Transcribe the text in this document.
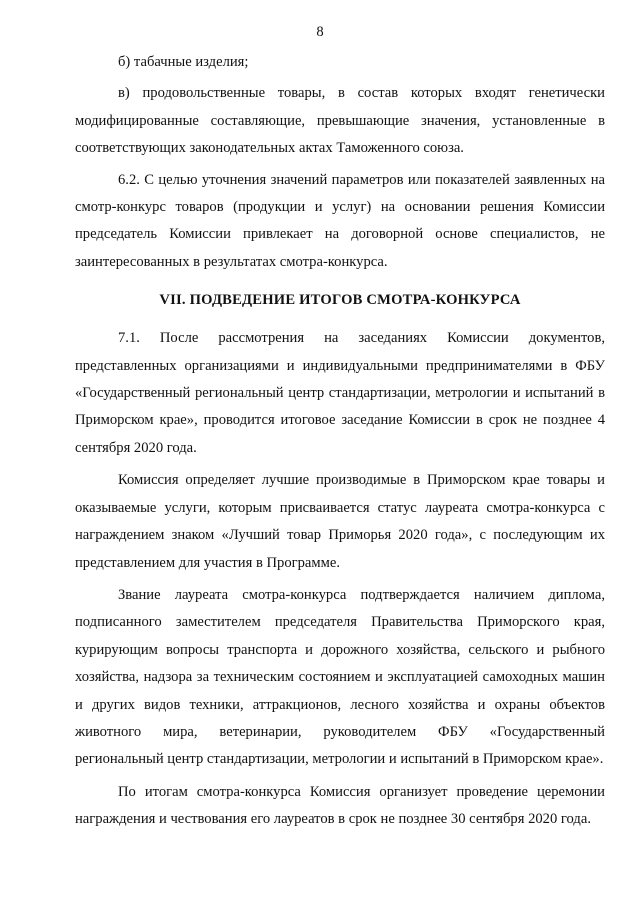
8

б) табачные изделия;

в) продовольственные товары, в состав которых входят генетически модифицированные составляющие, превышающие значения, установленные в соответствующих законодательных актах Таможенного союза.

6.2. С целью уточнения значений параметров или показателей заявленных на смотр-конкурс товаров (продукции и услуг) на основании решения Комиссии председатель Комиссии привлекает на договорной основе специалистов, не заинтересованных в результатах смотра-конкурса.

VII. ПОДВЕДЕНИЕ ИТОГОВ СМОТРА-КОНКУРСА

7.1. После рассмотрения на заседаниях Комиссии документов, представленных организациями и индивидуальными предпринимателями в ФБУ «Государственный региональный центр стандартизации, метрологии и испытаний в Приморском крае», проводится итоговое заседание Комиссии в срок не позднее 4 сентября 2020 года.

Комиссия определяет лучшие производимые в Приморском крае товары и оказываемые услуги, которым присваивается статус лауреата смотра-конкурса с награждением знаком «Лучший товар Приморья 2020 года», с последующим их представлением для участия в Программе.

Звание лауреата смотра-конкурса подтверждается наличием диплома, подписанного заместителем председателя Правительства Приморского края, курирующим вопросы транспорта и дорожного хозяйства, сельского и рыбного хозяйства, надзора за техническим состоянием и эксплуатацией самоходных машин и других видов техники, аттракционов, лесного хозяйства и охраны объектов животного мира, ветеринарии, руководителем ФБУ «Государственный региональный центр стандартизации, метрологии и испытаний в Приморском крае».

По итогам смотра-конкурса Комиссия организует проведение церемонии награждения и чествования его лауреатов в срок не позднее 30 сентября 2020 года.
